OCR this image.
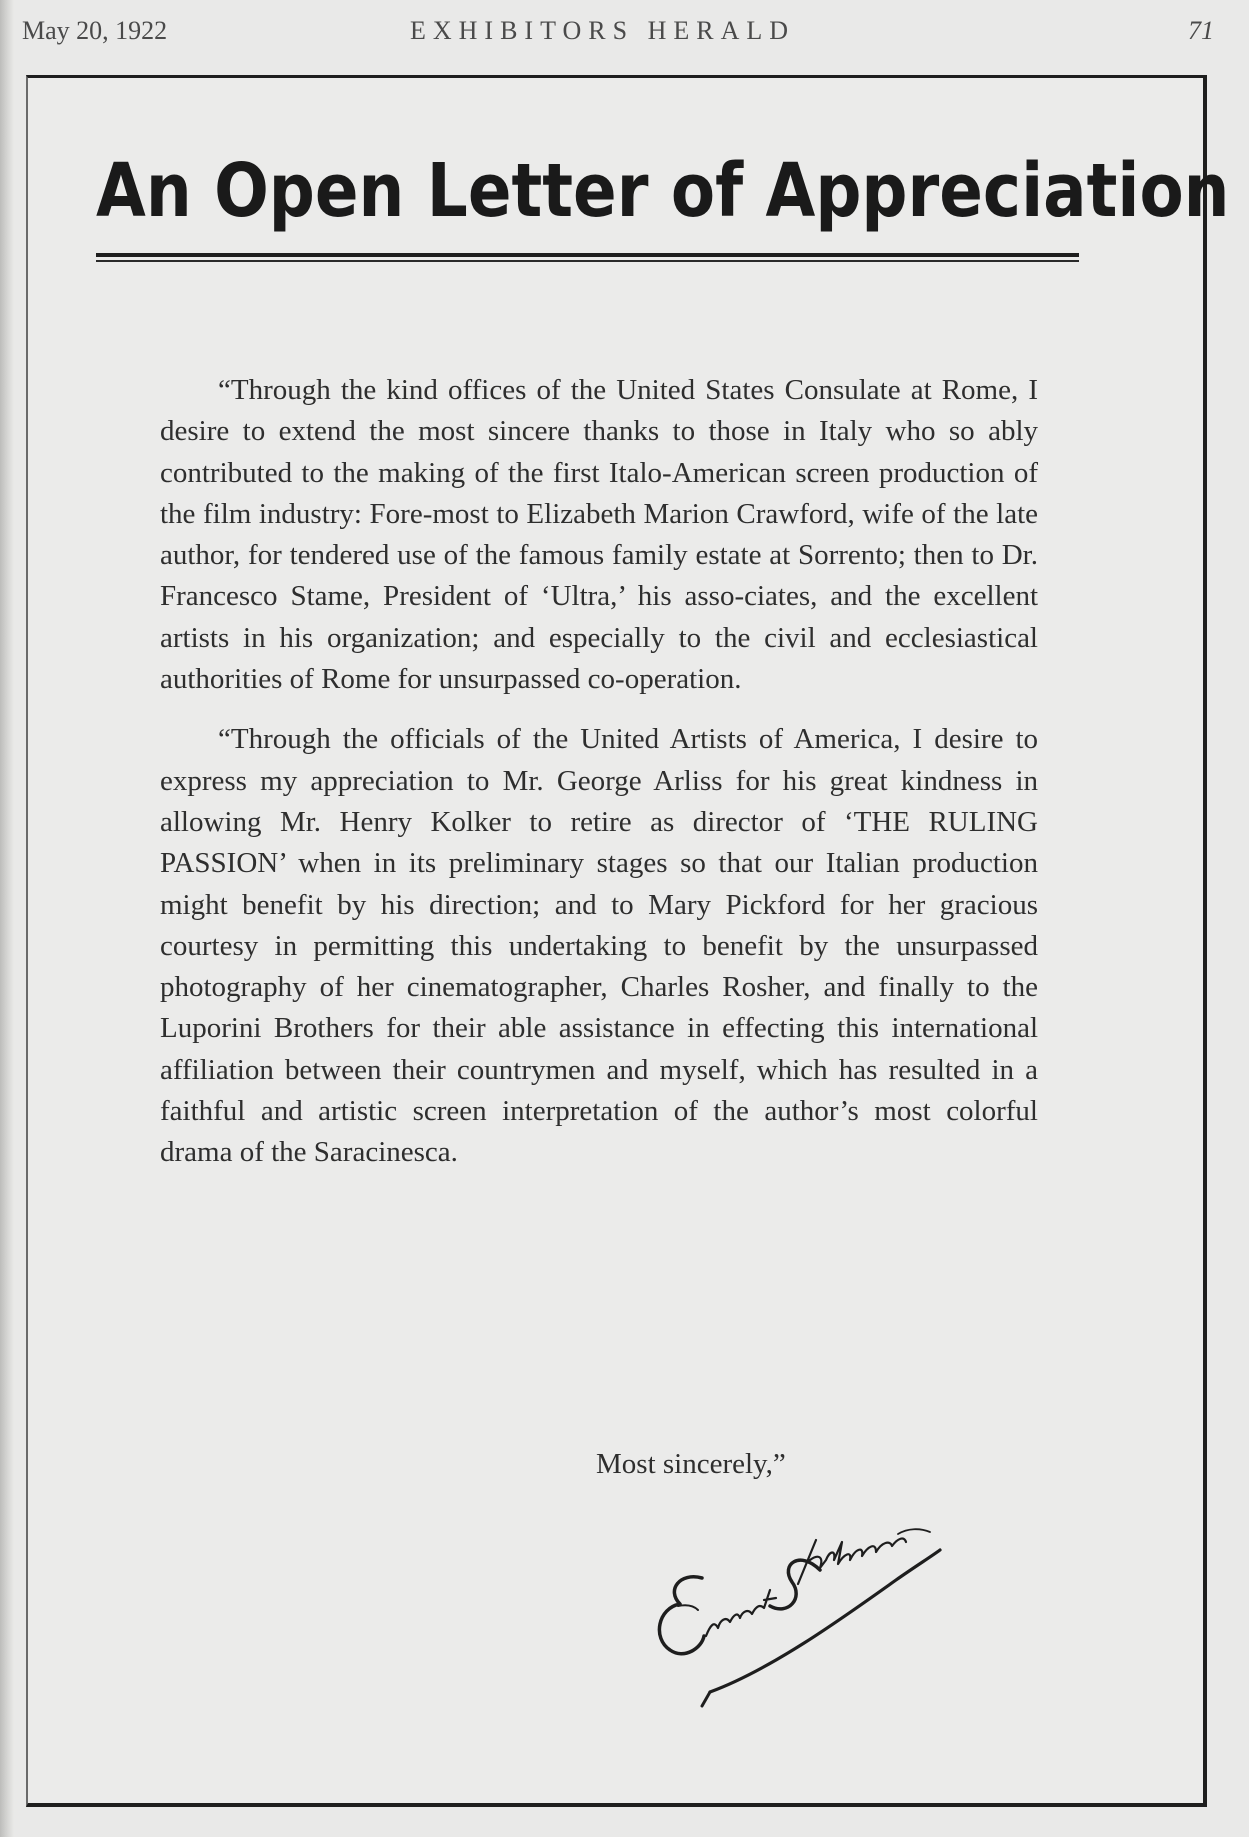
May 20, 1922	EXHIBITORS HERALD	71
An Open Letter of Appreciation

“Through the kind offices of the United States Consulate at Rome, I desire to extend the most sincere thanks to those in Italy who so ably contributed to the making of the first Italo-American screen production of the film industry: Fore-most to Elizabeth Marion Crawford, wife of the late author, for tendered use of the famous family estate at Sorrento; then to Dr. Francesco Stame, President of ‘Ultra,’ his asso-ciates, and the excellent artists in his organization; and especially to the civil and ecclesiastical authorities of Rome for unsurpassed co-operation.

“Through the officials of the United Artists of America, I desire to express my appreciation to Mr. George Arliss for his great kindness in allowing Mr. Henry Kolker to retire as director of ‘THE RULING PASSION’ when in its preliminary stages so that our Italian production might benefit by his direction; and to Mary Pickford for her gracious courtesy in permitting this undertaking to benefit by the unsurpassed photography of her cinematographer, Charles Rosher, and finally to the Luporini Brothers for their able assistance in effecting this international affiliation between their countrymen and myself, which has resulted in a faithful and artistic screen interpretation of the author’s most colorful drama of the Saracinesca.

Most sincerely,”
